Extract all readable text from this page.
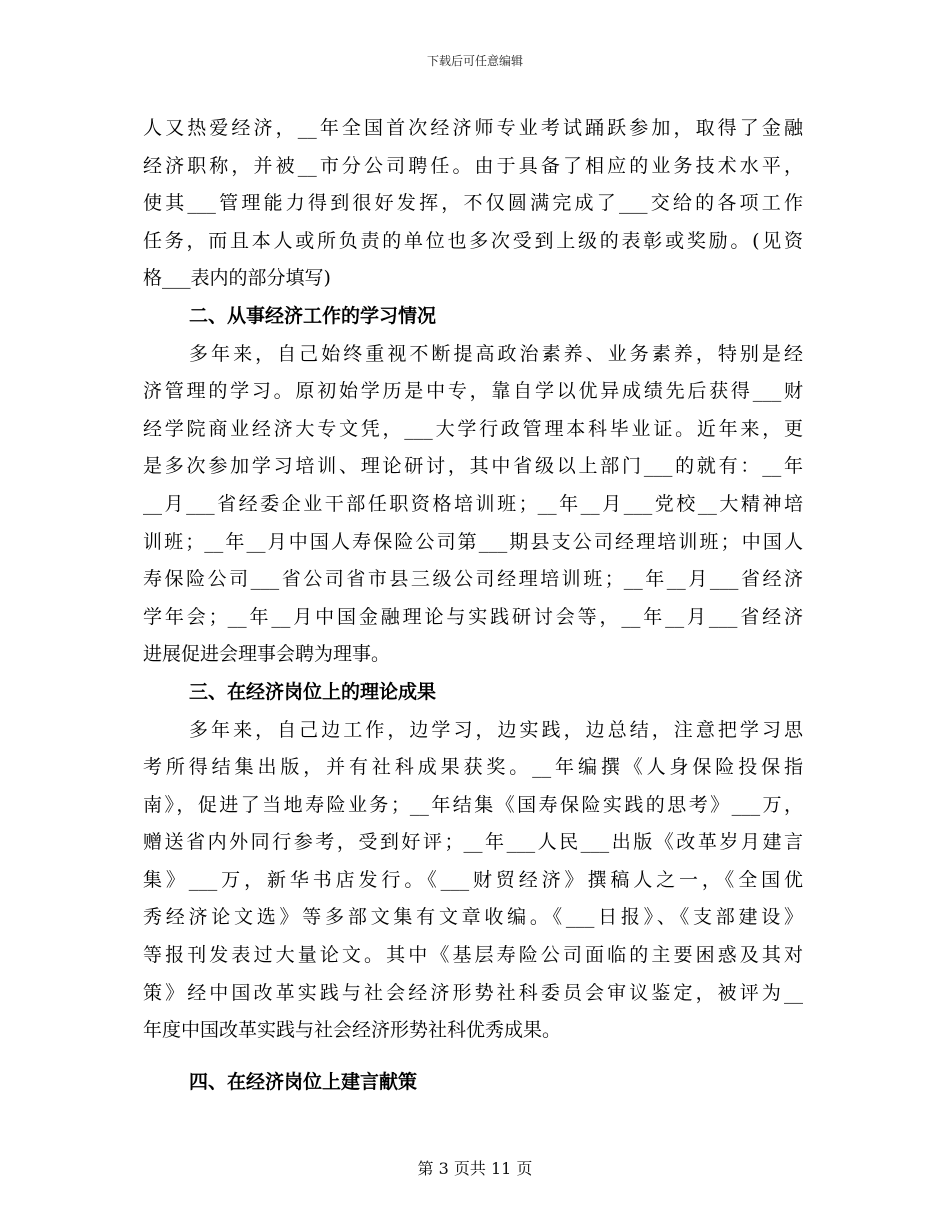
下载后可任意编辑
人又热爱经济，__年全国首次经济师专业考试踊跃参加，取得了金融
经济职称，并被__市分公司聘任。由于具备了相应的业务技术水平，
使其___管理能力得到很好发挥，不仅圆满完成了___交给的各项工作
任务，而且本人或所负责的单位也多次受到上级的表彰或奖励。(见资
格___表内的部分填写)
二、从事经济工作的学习情况
多年来，自己始终重视不断提高政治素养、业务素养，特别是经
济管理的学习。原初始学历是中专，靠自学以优异成绩先后获得___财
经学院商业经济大专文凭，___大学行政管理本科毕业证。近年来，更
是多次参加学习培训、理论研讨，其中省级以上部门___的就有：__年
__月___省经委企业干部任职资格培训班；__年__月___党校__大精神培
训班；__年__月中国人寿保险公司第___期县支公司经理培训班；中国人
寿保险公司___省公司省市县三级公司经理培训班；__年__月___省经济
学年会；__年__月中国金融理论与实践研讨会等，__年__月___省经济
进展促进会理事会聘为理事。
三、在经济岗位上的理论成果
多年来，自己边工作，边学习，边实践，边总结，注意把学习思
考所得结集出版，并有社科成果获奖。__年编撰《人身保险投保指
南》，促进了当地寿险业务；__年结集《国寿保险实践的思考》___万，
赠送省内外同行参考，受到好评；__年___人民___出版《改革岁月建言
集》___万，新华书店发行。《___财贸经济》撰稿人之一，《全国优
秀经济论文选》等多部文集有文章收编。《___日报》、《支部建设》
等报刊发表过大量论文。其中《基层寿险公司面临的主要困惑及其对
策》经中国改革实践与社会经济形势社科委员会审议鉴定，被评为__
年度中国改革实践与社会经济形势社科优秀成果。
四、在经济岗位上建言献策
第 3 页共 11 页
